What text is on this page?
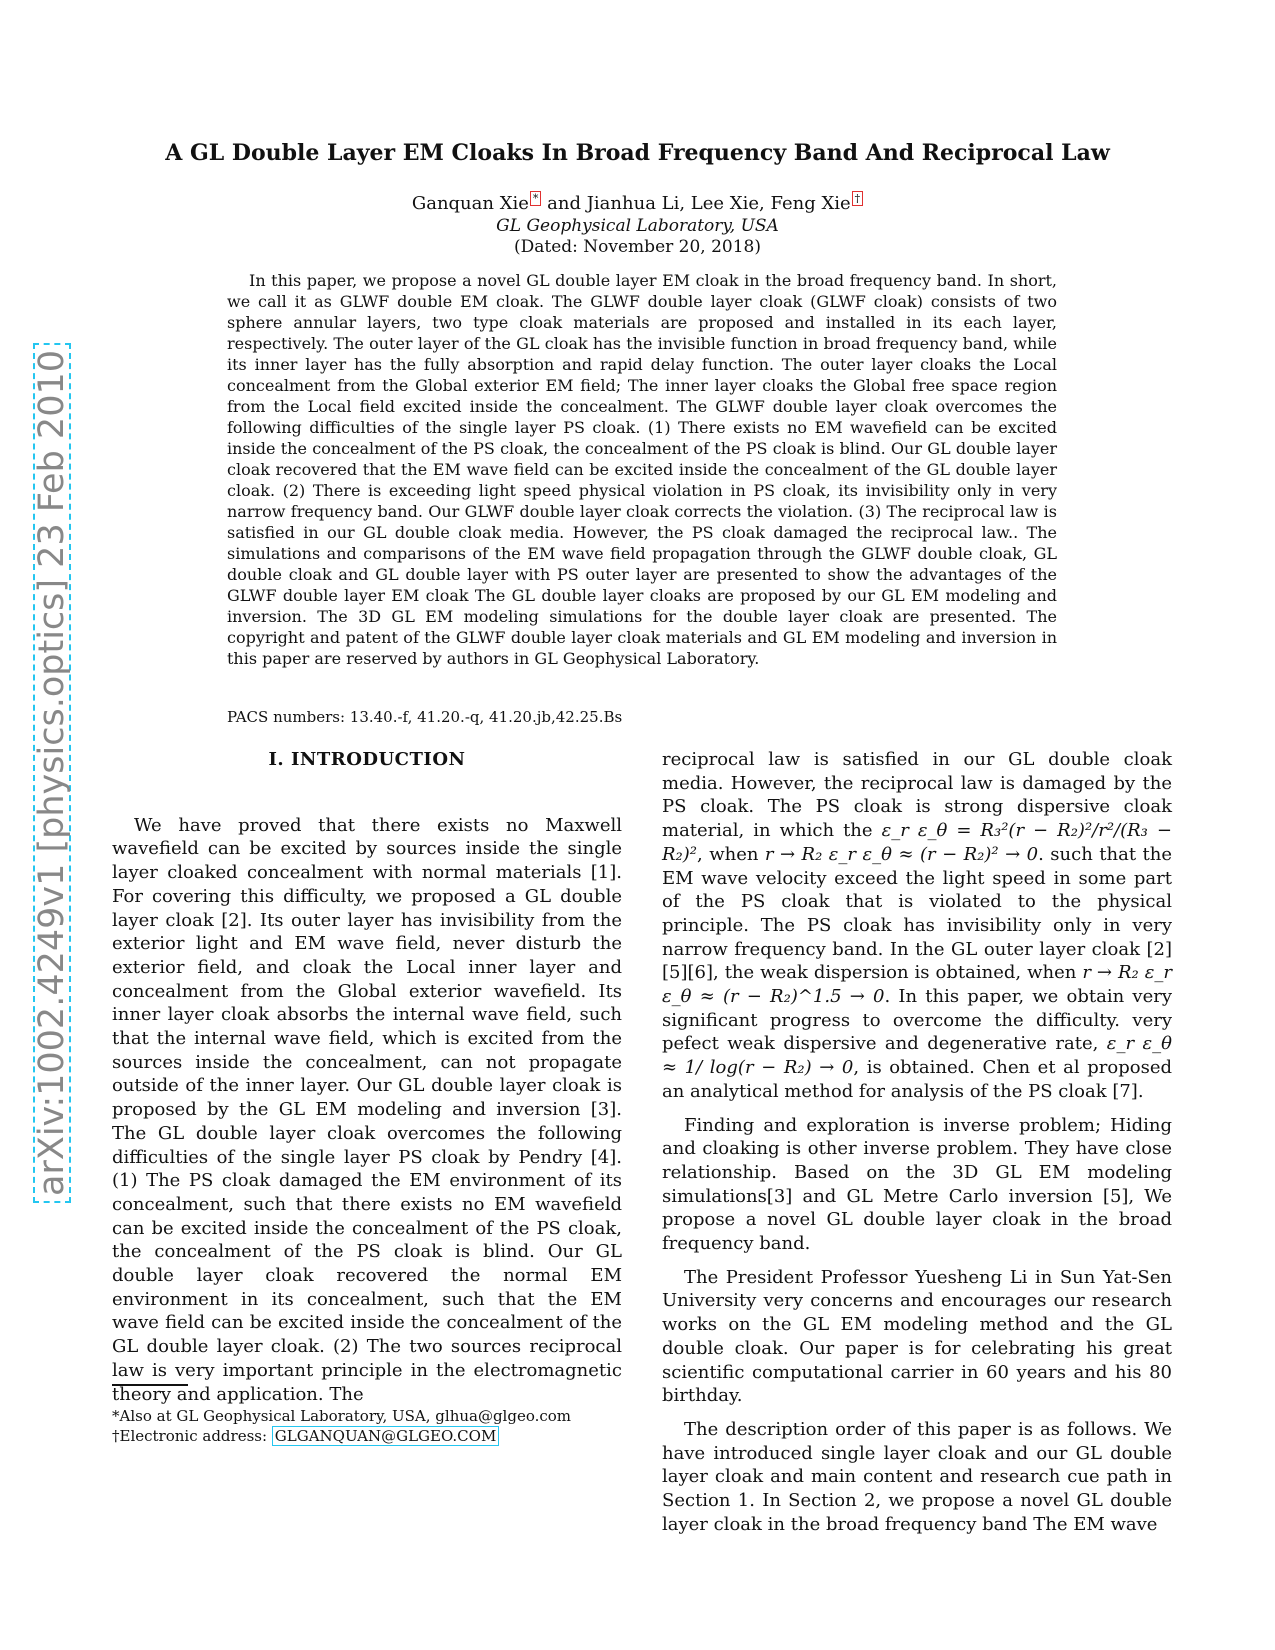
A GL Double Layer EM Cloaks In Broad Frequency Band And Reciprocal Law
Ganquan Xie * and Jianhua Li, Lee Xie, Feng Xie †
GL Geophysical Laboratory, USA
(Dated: November 20, 2018)

In this paper, we propose a novel GL double layer EM cloak in the broad frequency band. In short, we call it as GLWF double EM cloak. The GLWF double layer cloak (GLWF cloak) consists of two sphere annular layers, two type cloak materials are proposed and installed in its each layer, respectively. The outer layer of the GL cloak has the invisible function in broad frequency band, while its inner layer has the fully absorption and rapid delay function. The outer layer cloaks the Local concealment from the Global exterior EM field; The inner layer cloaks the Global free space region from the Local field excited inside the concealment. The GLWF double layer cloak overcomes the following difficulties of the single layer PS cloak. (1) There exists no EM wavefield can be excited inside the concealment of the PS cloak, the concealment of the PS cloak is blind. Our GL double layer cloak recovered that the EM wave field can be excited inside the concealment of the GL double layer cloak. (2) There is exceeding light speed physical violation in PS cloak, its invisibility only in very narrow frequency band. Our GLWF double layer cloak corrects the violation. (3) The reciprocal law is satisfied in our GL double cloak media. However, the PS cloak damaged the reciprocal law.. The simulations and comparisons of the EM wave field propagation through the GLWF double cloak, GL double cloak and GL double layer with PS outer layer are presented to show the advantages of the GLWF double layer EM cloak The GL double layer cloaks are proposed by our GL EM modeling and inversion. The 3D GL EM modeling simulations for the double layer cloak are presented. The copyright and patent of the GLWF double layer cloak materials and GL EM modeling and inversion in this paper are reserved by authors in GL Geophysical Laboratory.

PACS numbers: 13.40.-f, 41.20.-q, 41.20.jb,42.25.Bs
arXiv:1002.4249v1 [physics.optics] 23 Feb 2010	I. INTRODUCTION

We have proved that there exists no Maxwell wavefield can be excited by sources inside the single layer cloaked concealment with normal materials [1]. For covering this difficulty, we proposed a GL double layer cloak [2]. Its outer layer has invisibility from the exterior light and EM wave field, never disturb the exterior field, and cloak the Local inner layer and concealment from the Global exterior wavefield. Its inner layer cloak absorbs the internal wave field, such that the internal wave field, which is excited from the sources inside the concealment, can not propagate outside of the inner layer. Our GL double layer cloak is proposed by the GL EM modeling and inversion [3]. The GL double layer cloak overcomes the following difficulties of the single layer PS cloak by Pendry [4]. (1) The PS cloak damaged the EM environment of its concealment, such that there exists no EM wavefield can be excited inside the concealment of the PS cloak, the concealment of the PS cloak is blind. Our GL double layer cloak recovered the normal EM environment in its concealment, such that the EM wave field can be excited inside the concealment of the GL double layer cloak. (2) The two sources reciprocal law is very important principle in the electromagnetic theory and application. The

reciprocal law is satisfied in our GL double cloak media. However, the reciprocal law is damaged by the PS cloak. The PS cloak is strong dispersive cloak material, in which the ε_r ε_θ = R₃²(r − R₂)²/r²/(R₃ − R₂)², when r → R₂ ε_r ε_θ ≈ (r − R₂)² → 0. such that the EM wave velocity exceed the light speed in some part of the PS cloak that is violated to the physical principle. The PS cloak has invisibility only in very narrow frequency band. In the GL outer layer cloak [2] [5][6], the weak dispersion is obtained, when r → R₂ ε_r ε_θ ≈ (r − R₂)^1.5 → 0. In this paper, we obtain very significant progress to overcome the difficulty. very pefect weak dispersive and degenerative rate, ε_r ε_θ ≈ 1/ log(r − R₂) → 0, is obtained. Chen et al proposed an analytical method for analysis of the PS cloak [7].

Finding and exploration is inverse problem; Hiding and cloaking is other inverse problem. They have close relationship. Based on the 3D GL EM modeling simulations[3] and GL Metre Carlo inversion [5], We propose a novel GL double layer cloak in the broad frequency band.

The President Professor Yuesheng Li in Sun Yat-Sen University very concerns and encourages our research works on the GL EM modeling method and the GL double cloak. Our paper is for celebrating his great scientific computational carrier in 60 years and his 80 birthday.

The description order of this paper is as follows. We have introduced single layer cloak and our GL double layer cloak and main content and research cue path in Section 1. In Section 2, we propose a novel GL double layer cloak in the broad frequency band The EM wave

*Also at GL Geophysical Laboratory, USA, glhua@glgeo.com
†Electronic address: GLGANQUAN@GLGEO.COM
